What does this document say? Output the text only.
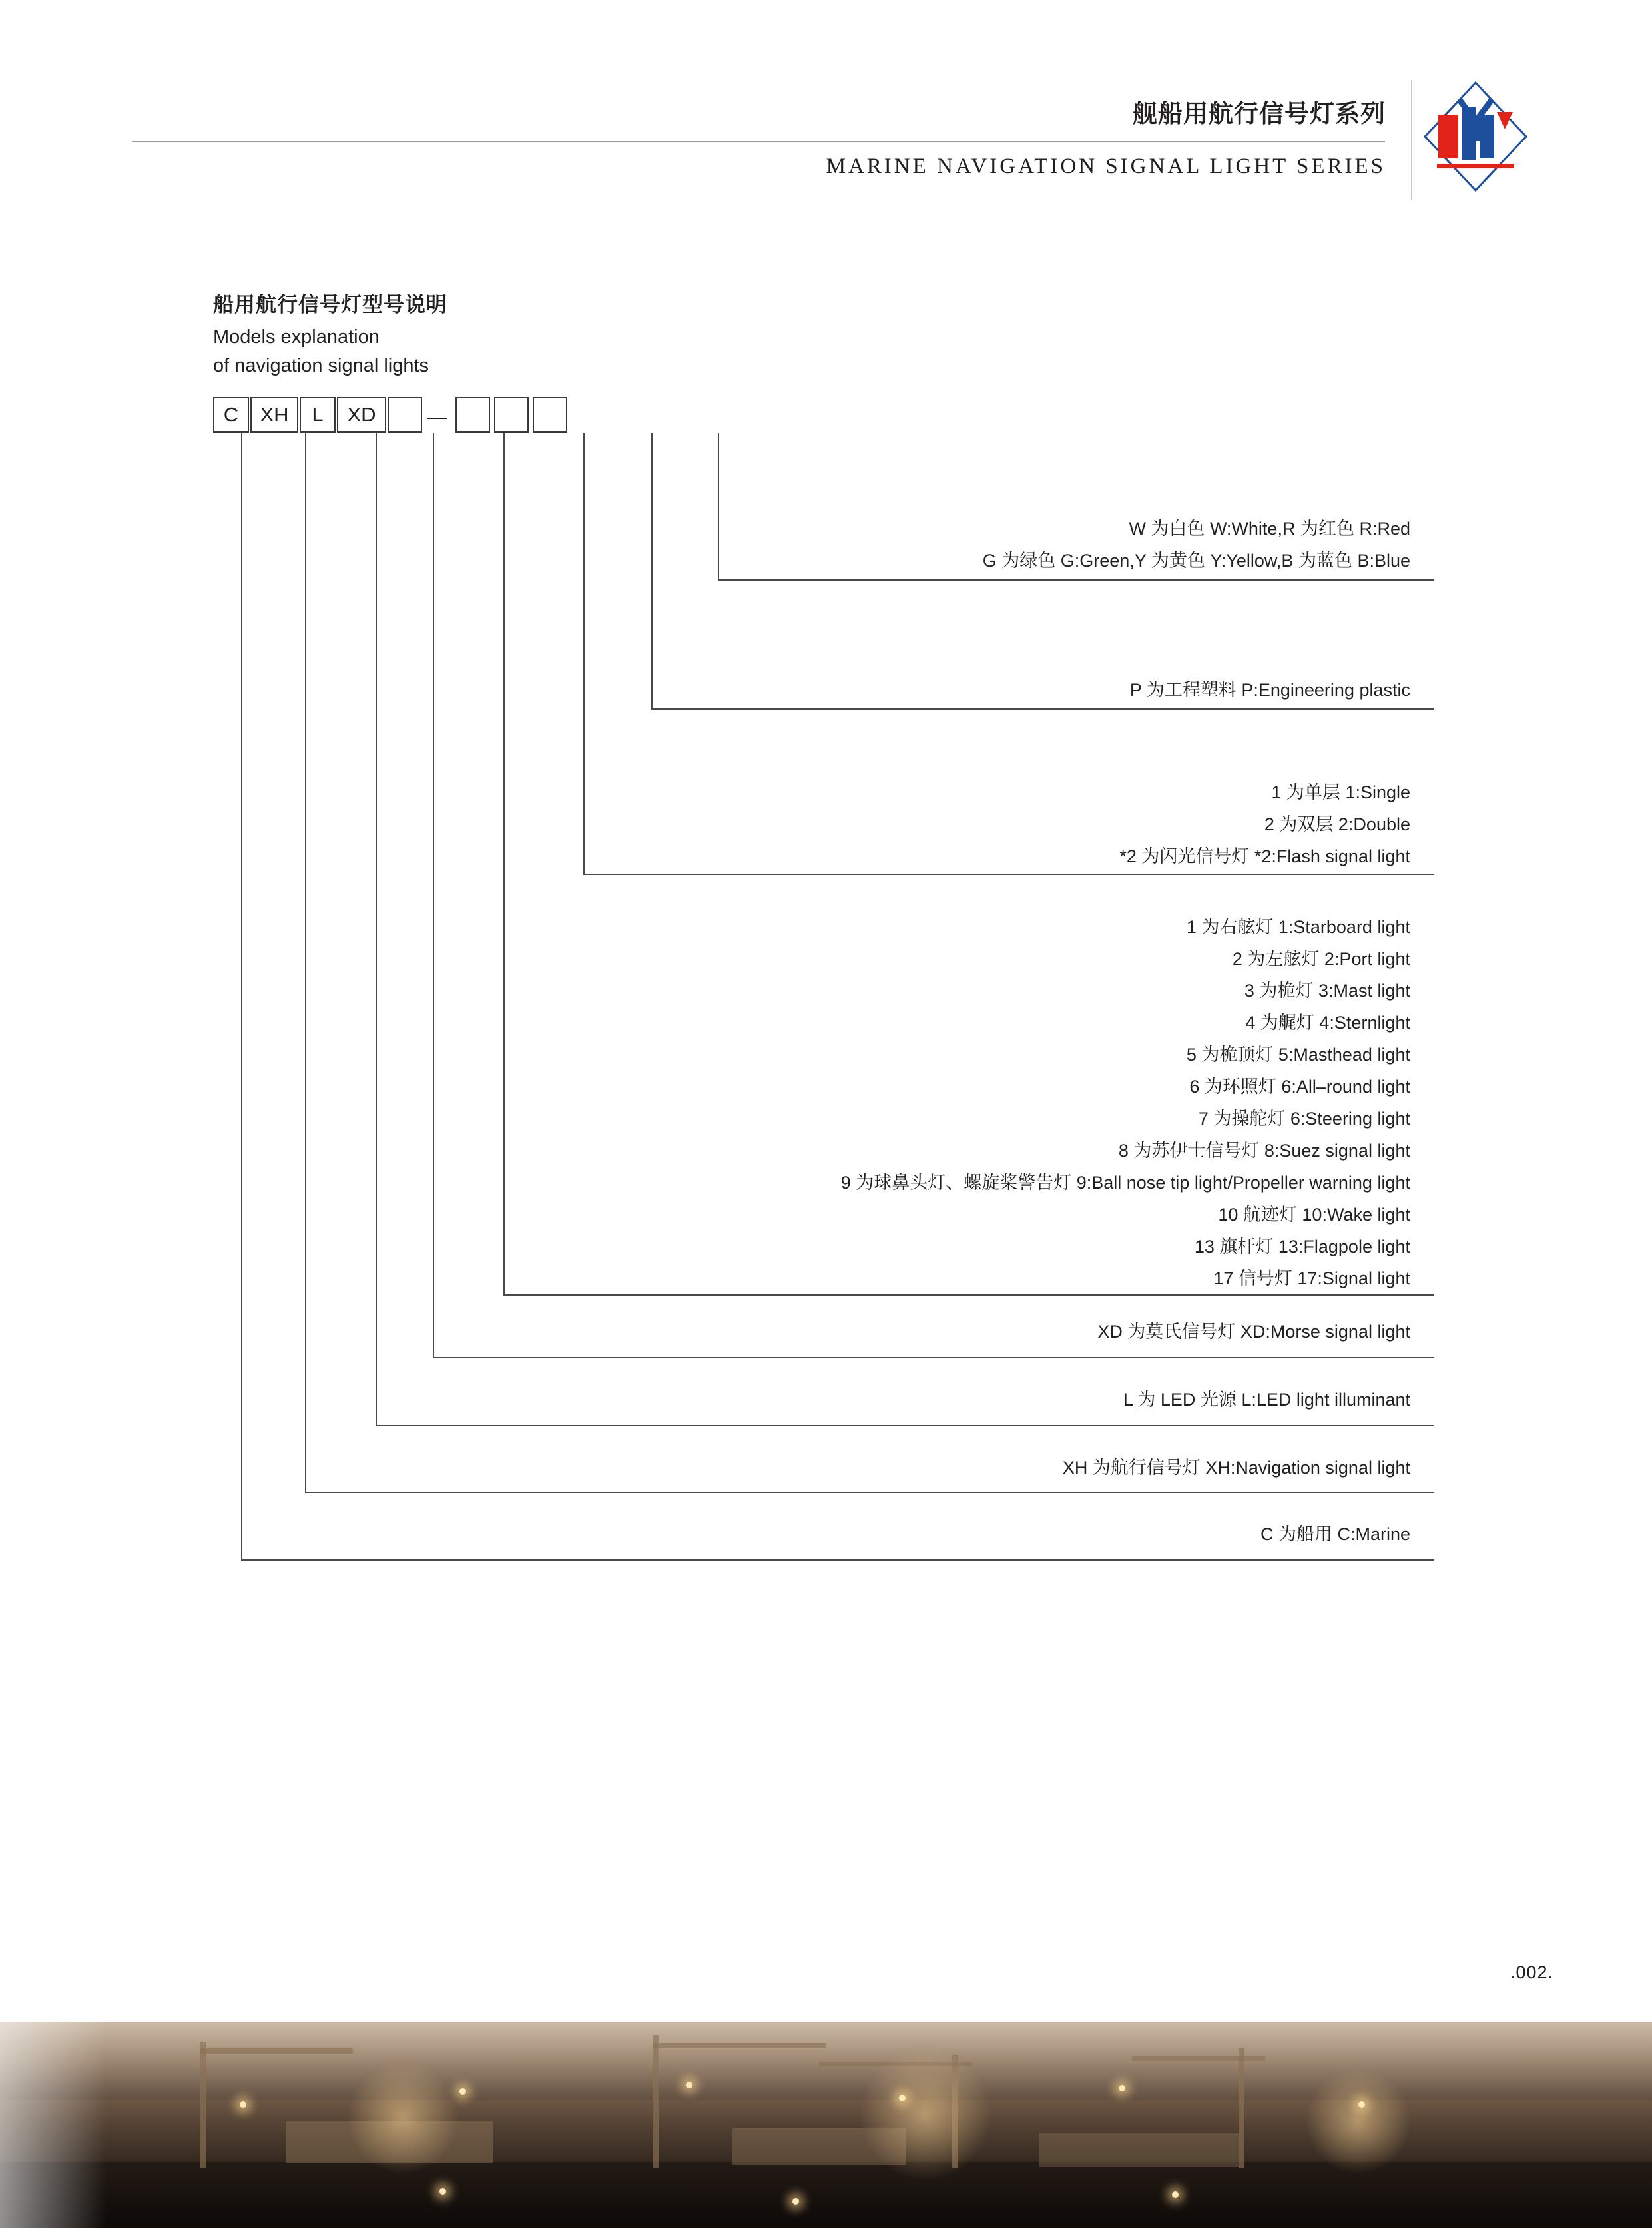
舰船用航行信号灯系列
MARINE NAVIGATION SIGNAL LIGHT SERIES
船用航行信号灯型号说明
Models explanation
of navigation signal lights
C	XH	L	XD	—
W 为白色 W:White,R 为红色 R:Red
G 为绿色 G:Green,Y 为黄色 Y:Yellow,B 为蓝色 B:Blue
P 为工程塑料 P:Engineering plastic
1 为单层 1:Single
2 为双层 2:Double
*2 为闪光信号灯 *2:Flash signal light
1 为右舷灯 1:Starboard light
2 为左舷灯 2:Port light
3 为桅灯 3:Mast light
4 为艉灯 4:Sternlight
5 为桅顶灯 5:Masthead light
6 为环照灯 6:All–round light
7 为操舵灯 6:Steering light
8 为苏伊士信号灯 8:Suez signal light
9 为球鼻头灯、螺旋桨警告灯 9:Ball nose tip light/Propeller warning light
10 航迹灯 10:Wake light
13 旗杆灯 13:Flagpole light
17 信号灯 17:Signal light
XD 为莫氏信号灯 XD:Morse signal light
L 为 LED 光源 L:LED light illuminant
XH 为航行信号灯 XH:Navigation signal light
C 为船用 C:Marine
.002.
